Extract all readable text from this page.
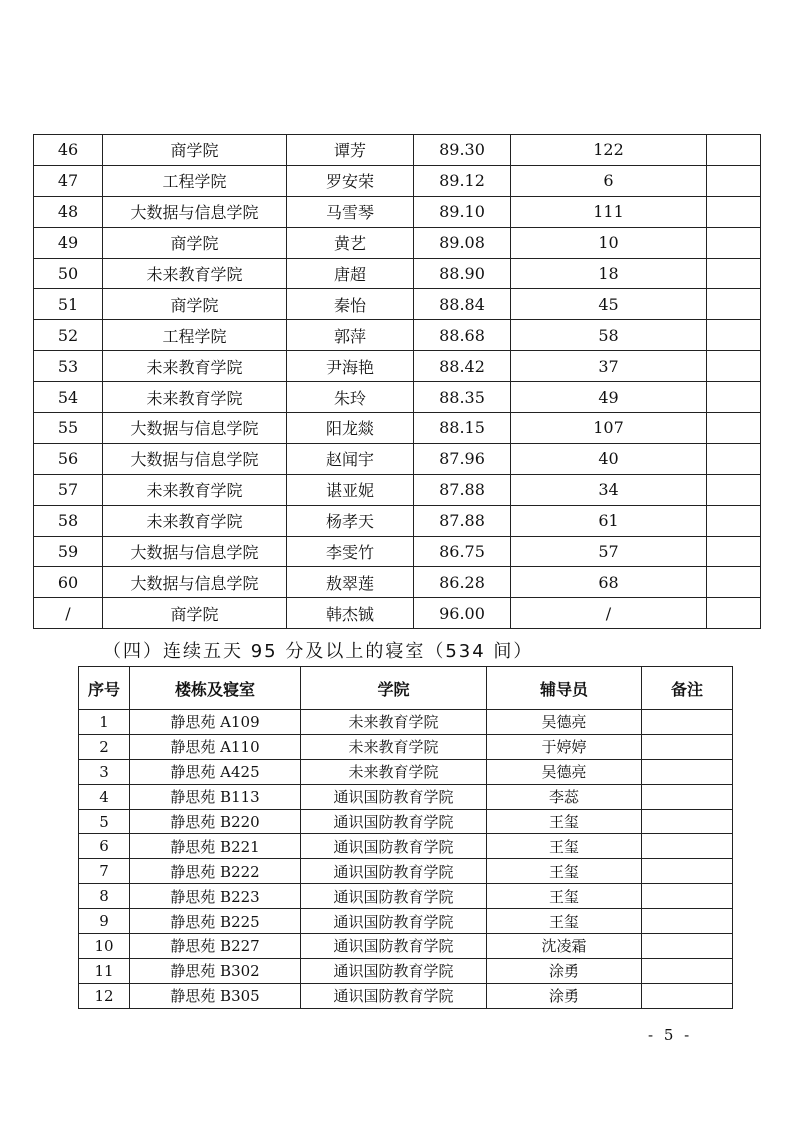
46	商学院	谭芳	89.30	122	
47	工程学院	罗安荣	89.12	6	
48	大数据与信息学院	马雪琴	89.10	111	
49	商学院	黄艺	89.08	10	
50	未来教育学院	唐超	88.90	18	
51	商学院	秦怡	88.84	45	
52	工程学院	郭萍	88.68	58	
53	未来教育学院	尹海艳	88.42	37	
54	未来教育学院	朱玲	88.35	49	
55	大数据与信息学院	阳龙燚	88.15	107	
56	大数据与信息学院	赵闻宇	87.96	40	
57	未来教育学院	谌亚妮	87.88	34	
58	未来教育学院	杨孝天	87.88	61	
59	大数据与信息学院	李雯竹	86.75	57	
60	大数据与信息学院	敖翠莲	86.28	68	
/	商学院	韩杰铖	96.00	/	
（四）连续五天 95 分及以上的寝室（534 间）
序号	楼栋及寝室	学院	辅导员	备注
1	静思苑 A109	未来教育学院	吴德亮	
2	静思苑 A110	未来教育学院	于婷婷	
3	静思苑 A425	未来教育学院	吴德亮	
4	静思苑 B113	通识国防教育学院	李蕊	
5	静思苑 B220	通识国防教育学院	王玺	
6	静思苑 B221	通识国防教育学院	王玺	
7	静思苑 B222	通识国防教育学院	王玺	
8	静思苑 B223	通识国防教育学院	王玺	
9	静思苑 B225	通识国防教育学院	王玺	
10	静思苑 B227	通识国防教育学院	沈凌霜	
11	静思苑 B302	通识国防教育学院	涂勇	
12	静思苑 B305	通识国防教育学院	涂勇	
- 5 -
